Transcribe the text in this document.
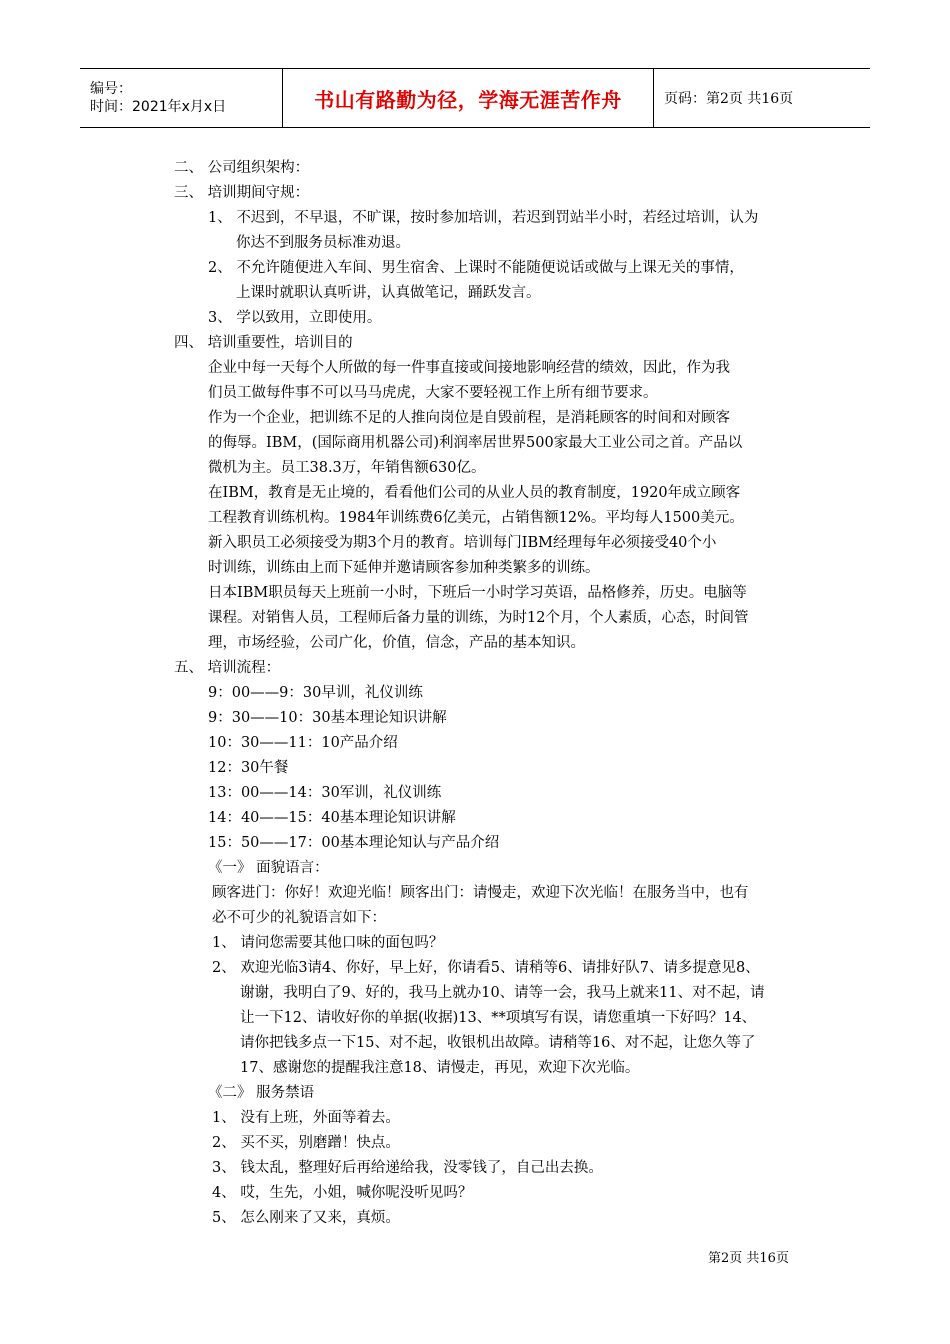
编号：
时间：2021年x月x日	书山有路勤为径，学海无涯苦作舟	页码：第2页 共16页
二、 公司组织架构：
三、 培训期间守规：
1、 不迟到，不早退，不旷课，按时参加培训，若迟到罚站半小时，若经过培训，认为
你达不到服务员标准劝退。
2、 不允许随便进入车间、男生宿舍、上课时不能随便说话或做与上课无关的事情，
上课时就职认真听讲，认真做笔记，踊跃发言。
3、 学以致用，立即使用。
四、 培训重要性，培训目的
企业中每一天每个人所做的每一件事直接或间接地影响经营的绩效，因此，作为我
们员工做每件事不可以马马虎虎，大家不要轻视工作上所有细节要求。
作为一个企业，把训练不足的人推向岗位是自毁前程，是消耗顾客的时间和对顾客
的侮辱。IBM，(国际商用机器公司)利润率居世界500家最大工业公司之首。产品以
微机为主。员工38.3万，年销售额630亿。
在IBM，教育是无止境的，看看他们公司的从业人员的教育制度，1920年成立顾客
工程教育训练机构。1984年训练费6亿美元，占销售额12%。平均每人1500美元。
新入职员工必须接受为期3个月的教育。培训每门IBM经理每年必须接受40个小
时训练，训练由上而下延伸并邀请顾客参加种类繁多的训练。
日本IBM职员每天上班前一小时，下班后一小时学习英语，品格修养，历史。电脑等
课程。对销售人员，工程师后备力量的训练，为时12个月，个人素质，心态，时间管
理，市场经验，公司广化，价值，信念，产品的基本知识。
五、 培训流程：
9：00——9：30早训，礼仪训练
9：30——10：30基本理论知识讲解
10：30——11：10产品介绍
12：30午餐
13：00——14：30军训，礼仪训练
14：40——15：40基本理论知识讲解
15：50——17：00基本理论知认与产品介绍
《一》 面貌语言：
顾客进门：你好！欢迎光临！顾客出门：请慢走，欢迎下次光临！在服务当中，也有
必不可少的礼貌语言如下：
1、 请问您需要其他口味的面包吗？
2、 欢迎光临3请4、你好，早上好，你请看5、请稍等6、请排好队7、请多提意见8、
谢谢，我明白了9、好的，我马上就办10、请等一会，我马上就来11、对不起，请
让一下12、请收好你的单据(收据)13、**项填写有误，请您重填一下好吗？14、
请你把钱多点一下15、对不起，收银机出故障。请稍等16、对不起，让您久等了
17、感谢您的提醒我注意18、请慢走，再见，欢迎下次光临。
《二》 服务禁语
1、 没有上班，外面等着去。
2、 买不买，别磨蹭！快点。
3、 钱太乱，整理好后再给递给我，没零钱了，自己出去换。
4、 哎，生先，小姐，喊你呢没听见吗？
5、 怎么刚来了又来，真烦。
第2页 共16页
